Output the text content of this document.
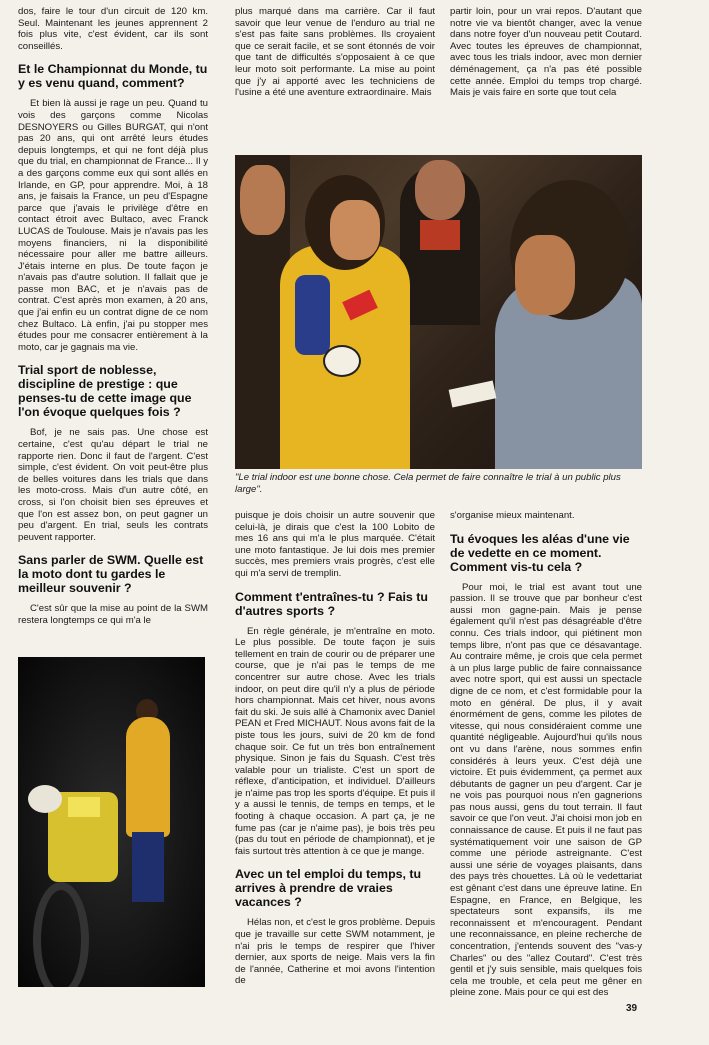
dos, faire le tour d'un circuit de 120 km. Seul. Maintenant les jeunes apprennent 2 fois plus vite, c'est évident, car ils sont conseillés.

Et le Championnat du Monde, tu y es venu quand, comment?

Et bien là aussi je rage un peu. Quand tu vois des garçons comme Nicolas DESNOYERS ou Gilles BURGAT, qui n'ont pas 20 ans, qui ont arrêté leurs études depuis longtemps, et qui ne font déjà plus que du trial, en championnat de France... Il y a des garçons comme eux qui sont allés en Irlande, en GP, pour apprendre. Moi, à 18 ans, je faisais la France, un peu d'Espagne parce que j'avais le privilège d'être en contact étroit avec Bultaco, avec Franck LUCAS de Toulouse. Mais je n'avais pas les moyens financiers, ni la disponibilité nécessaire pour aller me battre ailleurs. J'étais interne en plus. De toute façon je n'avais pas d'autre solution. Il fallait que je passe mon BAC, et je n'avais pas de contrat. C'est après mon examen, à 20 ans, que j'ai enfin eu un contrat digne de ce nom chez Bultaco. Là enfin, j'ai pu stopper mes études pour me consacrer entièrement à la moto, car je gagnais ma vie.

Trial sport de noblesse, discipline de prestige : que penses-tu de cette image que l'on évoque quelques fois ?

Bof, je ne sais pas. Une chose est certaine, c'est qu'au départ le trial ne rapporte rien. Donc il faut de l'argent. C'est simple, c'est évident. On voit peut-être plus de belles voitures dans les trials que dans les moto-cross. Mais d'un autre côté, en cross, si l'on choisit bien ses épreuves et que l'on est assez bon, on peut gagner un peu d'argent. En trial, seuls les contrats peuvent rapporter.

Sans parler de SWM. Quelle est la moto dont tu gardes le meilleur souvenir ?

C'est sûr que la mise au point de la SWM restera longtemps ce qui m'a le

plus marqué dans ma carrière. Car il faut savoir que leur venue de l'enduro au trial ne s'est pas faite sans problèmes. Ils croyaient que ce serait facile, et se sont étonnés de voir que tant de difficultés s'opposaient à ce que leur moto soit performante. La mise au point que j'y ai apporté avec les techniciens de l'usine a été une aventure extraordinaire. Mais

partir loin, pour un vrai repos. D'autant que notre vie va bientôt changer, avec la venue dans notre foyer d'un nouveau petit Coutard. Avec toutes les épreuves de championnat, avec tous les trials indoor, avec mon dernier déménagement, ça n'a pas été possible cette année. Emploi du temps trop chargé. Mais je vais faire en sorte que tout cela

"Le trial indoor est une bonne chose. Cela permet de faire connaître le trial à un public plus large".

puisque je dois choisir un autre souvenir que celui-là, je dirais que c'est la 100 Lobito de mes 16 ans qui m'a le plus marquée. C'était une moto fantastique. Je lui dois mes premier succès, mes premiers vrais progrès, c'est elle qui m'a servi de tremplin.

Comment t'entraînes-tu ? Fais tu d'autres sports ?

En règle générale, je m'entraîne en moto. Le plus possible. De toute façon je suis tellement en train de courir ou de préparer une course, que je n'ai pas le temps de me concentrer sur autre chose. Avec les trials indoor, on peut dire qu'il n'y a plus de période hors championnat. Mais cet hiver, nous avons fait du ski. Je suis allé à Chamonix avec Daniel PEAN et Fred MICHAUT. Nous avons fait de la piste tous les jours, suivi de 20 km de fond chaque soir. Ce fut un très bon entraînement physique. Sinon je fais du Squash. C'est très valable pour un trialiste. C'est un sport de réflexe, d'anticipation, et individuel. D'ailleurs je n'aime pas trop les sports d'équipe. Et puis il y a aussi le tennis, de temps en temps, et le footing à chaque occasion. A part ça, je ne fume pas (car je n'aime pas), je bois très peu (pas du tout en période de championnat), et je fais surtout très attention à ce que je mange.

Avec un tel emploi du temps, tu arrives à prendre de vraies vacances ?

Hélas non, et c'est le gros problème. Depuis que je travaille sur cette SWM notamment, je n'ai pris le temps de respirer que l'hiver dernier, aux sports de neige. Mais vers la fin de l'année, Catherine et moi avons l'intention de

s'organise mieux maintenant.

Tu évoques les aléas d'une vie de vedette en ce moment. Comment vis-tu cela ?

Pour moi, le trial est avant tout une passion. Il se trouve que par bonheur c'est aussi mon gagne-pain. Mais je pense également qu'il n'est pas désagréable d'être connu. Ces trials indoor, qui piétinent mon temps libre, n'ont pas que ce désavantage. Au contraire même, je crois que cela permet à un plus large public de faire connaissance avec notre sport, qui est aussi un spectacle digne de ce nom, et c'est formidable pour la moto en général. De plus, il y avait énormément de gens, comme les pilotes de vitesse, qui nous considéraient comme une quantité négligeable. Aujourd'hui qu'ils nous ont vu dans l'arène, nous sommes enfin considérés à leurs yeux. C'est déjà une victoire. Et puis évidemment, ça permet aux débutants de gagner un peu d'argent. Car je ne vois pas pourquoi nous n'en gagnerions pas nous aussi, gens du tout terrain. Il faut savoir ce que l'on veut. J'ai choisi mon job en connaissance de cause. Et puis il ne faut pas systématiquement voir une saison de GP comme une période astreignante. C'est aussi une série de voyages plaisants, dans des pays très chouettes. Là où le vedettariat est gênant c'est dans une épreuve latine. En Espagne, en France, en Belgique, les spectateurs sont expansifs, ils me reconnaissent et m'encouragent. Pendant une reconnaissance, en pleine recherche de concentration, j'entends souvent des "vas-y Charles" ou des "allez Coutard". C'est très gentil et j'y suis sensible, mais quelques fois cela me trouble, et cela peut me gêner en pleine zone. Mais pour ce qui est des

39
